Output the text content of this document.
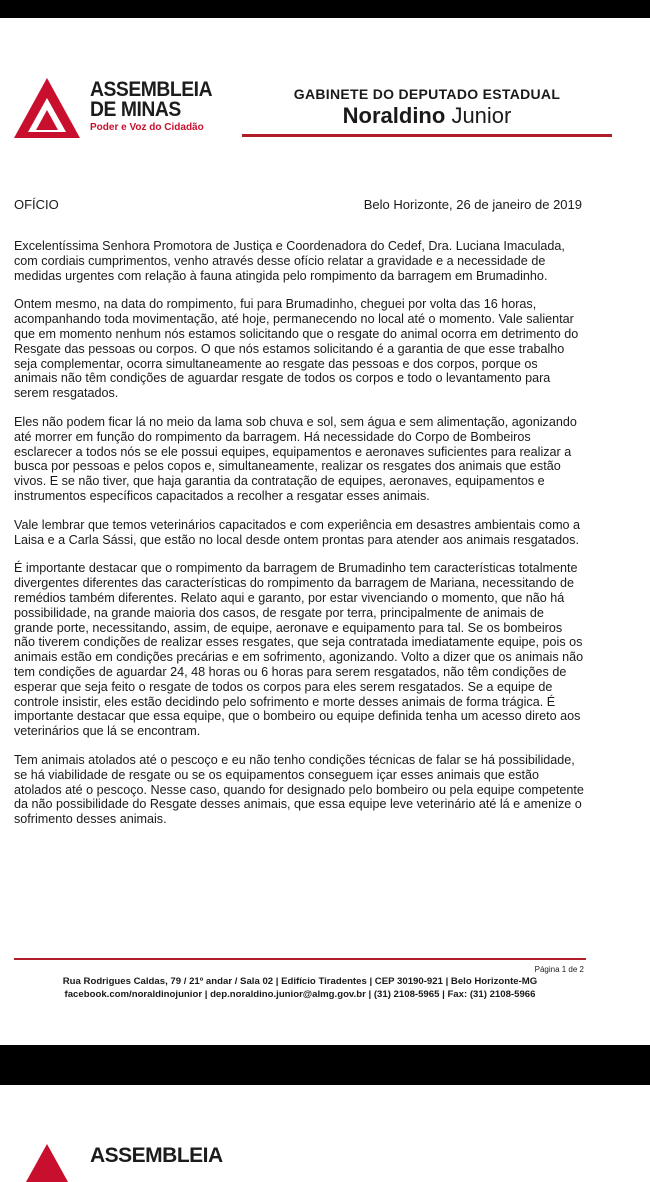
ASSEMBLEIA
DE MINAS
Poder e Voz do Cidadão
GABINETE DO DEPUTADO ESTADUAL
Noraldino Junior
OFÍCIO	Belo Horizonte, 26 de janeiro de 2019

Excelentíssima Senhora Promotora de Justiça e Coordenadora do Cedef, Dra. Luciana Imaculada, com cordiais cumprimentos, venho através desse ofício relatar a gravidade e a necessidade de medidas urgentes com relação à fauna atingida pelo rompimento da barragem em Brumadinho.

Ontem mesmo, na data do rompimento, fui para Brumadinho, cheguei por volta das 16 horas, acompanhando toda movimentação, até hoje, permanecendo no local até o momento. Vale salientar que em momento nenhum nós estamos solicitando que o resgate do animal ocorra em detrimento do Resgate das pessoas ou corpos. O que nós estamos solicitando é a garantia de que esse trabalho seja complementar, ocorra simultaneamente ao resgate das pessoas e dos corpos, porque os animais não têm condições de aguardar resgate de todos os corpos e todo o levantamento para serem resgatados.

Eles não podem ficar lá no meio da lama sob chuva e sol, sem água e sem alimentação, agonizando até morrer em função do rompimento da barragem. Há necessidade do Corpo de Bombeiros esclarecer a todos nós se ele possui equipes, equipamentos e aeronaves suficientes para realizar a busca por pessoas e pelos copos e, simultaneamente, realizar os resgates dos animais que estão vivos. E se não tiver, que haja garantia da contratação de equipes, aeronaves, equipamentos e instrumentos específicos capacitados a recolher a resgatar esses animais.

Vale lembrar que temos veterinários capacitados e com experiência em desastres ambientais como a Laisa e a Carla Sássi, que estão no local desde ontem prontas para atender aos animais resgatados.

É importante destacar que o rompimento da barragem de Brumadinho tem características totalmente divergentes diferentes das características do rompimento da barragem de Mariana, necessitando de remédios também diferentes. Relato aqui e garanto, por estar vivenciando o momento, que não há possibilidade, na grande maioria dos casos, de resgate por terra, principalmente de animais de grande porte, necessitando, assim, de equipe, aeronave e equipamento para tal. Se os bombeiros não tiverem condições de realizar esses resgates, que seja contratada imediatamente equipe, pois os animais estão em condições precárias e em sofrimento, agonizando. Volto a dizer que os animais não tem condições de aguardar 24, 48 horas ou 6 horas para serem resgatados, não têm condições de esperar que seja feito o resgate de todos os corpos para eles serem resgatados. Se a equipe de controle insistir, eles estão decidindo pelo sofrimento e morte desses animais de forma trágica. É importante destacar que essa equipe, que o bombeiro ou equipe definida tenha um acesso direto aos veterinários que lá se encontram.

Tem animais atolados até o pescoço e eu não tenho condições técnicas de falar se há possibilidade, se há viabilidade de resgate ou se os equipamentos conseguem içar esses animais que estão atolados até o pescoço. Nesse caso, quando for designado pelo bombeiro ou pela equipe competente da não possibilidade do Resgate desses animais, que essa equipe leve veterinário até lá e amenize o sofrimento desses animais.

Página 1 de 2
Rua Rodrigues Caldas, 79 / 21º andar / Sala 02 | Edifício Tiradentes | CEP 30190-921 | Belo Horizonte-MG
facebook.com/noraldinojunior | dep.noraldino.junior@almg.gov.br | (31) 2108-5965 | Fax: (31) 2108-5966
ASSEMBLEIA
